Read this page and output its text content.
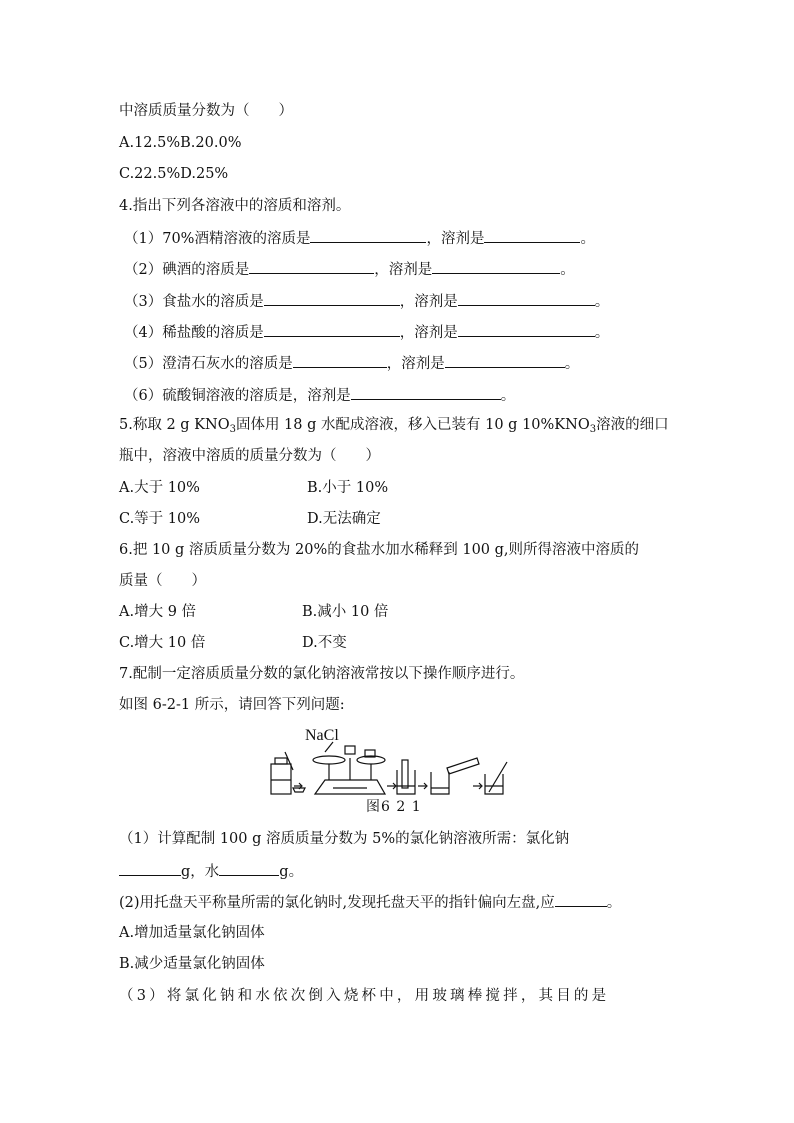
中溶质质量分数为（　　）
A.12.5%B.20.0%
C.22.5%D.25%
4.指出下列各溶液中的溶质和溶剂。
（1）70%酒精溶液的溶质是	，溶剂是	。
（2）碘酒的溶质是	，溶剂是	。
（3）食盐水的溶质是	，溶剂是	。
（4）稀盐酸的溶质是	，溶剂是	。
（5）澄清石灰水的溶质是	，溶剂是	。
（6）硫酸铜溶液的溶质是，溶剂是	。
5.称取 2 g $KNO_3$固体用 18 g 水配成溶液，移入已装有 10 g $10\%KNO_3$溶液的细口
瓶中，溶液中溶质的质量分数为（　　）
A.大于 10%	B.小于 10%
C.等于 10%	D.无法确定
6.把 10 g 溶质质量分数为 20%的食盐水加水稀释到 100 g,则所得溶液中溶质的
质量（　　）
A.增大 9 倍	B.减小 10 倍
C.增大 10 倍	D.不变
7.配制一定溶质质量分数的氯化钠溶液常按以下操作顺序进行。
如图 6-2-1 所示，请回答下列问题:
NaCl
图6 2 1
（1）计算配制 100 g 溶质质量分数为 5%的氯化钠溶液所需：氯化钠
g，水	g。
(2)用托盘天平称量所需的氯化钠时,发现托盘天平的指针偏向左盘,应	。
A.增加适量氯化钠固体
B.减少适量氯化钠固体
（3）将氯化钠和水依次倒入烧杯中，用玻璃棒搅拌，其目的是
